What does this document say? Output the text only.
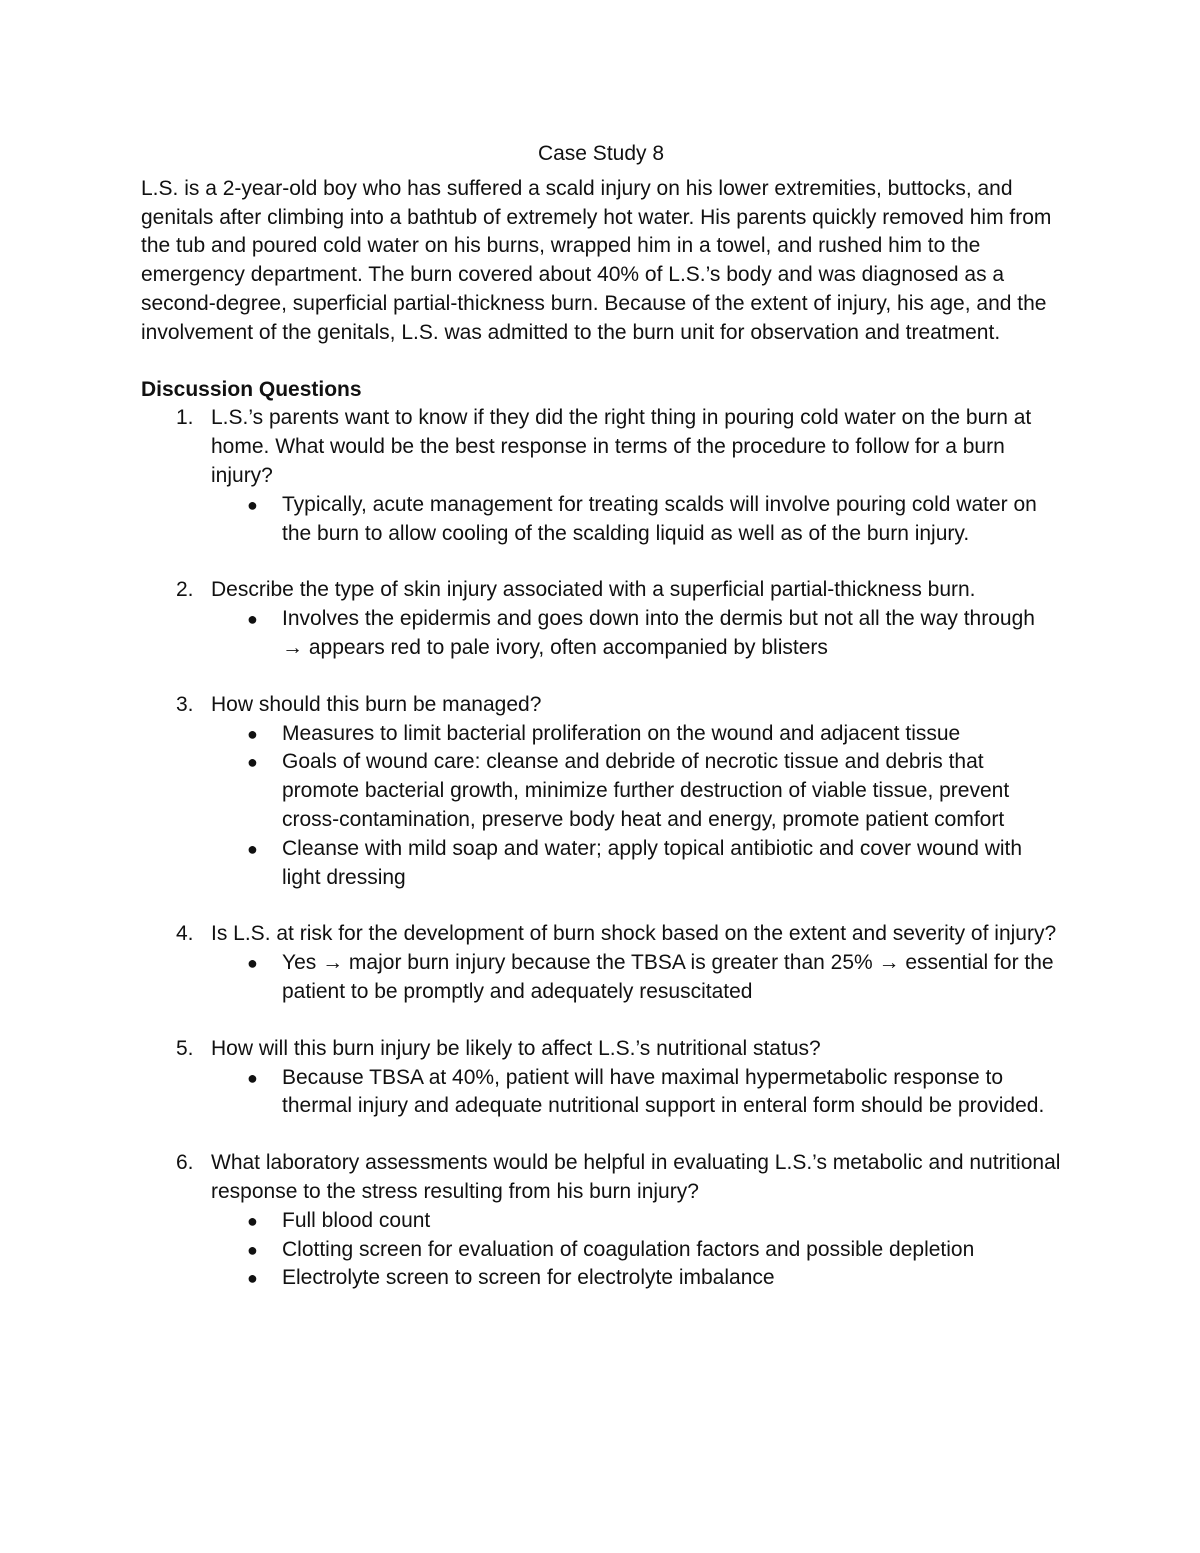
Case Study 8

L.S. is a 2-year-old boy who has suffered a scald injury on his lower extremities, buttocks, and genitals after climbing into a bathtub of extremely hot water. His parents quickly removed him from the tub and poured cold water on his burns, wrapped him in a towel, and rushed him to the emergency department. The burn covered about 40% of L.S.’s body and was diagnosed as a second-degree, superficial partial-thickness burn. Because of the extent of injury, his age, and the involvement of the genitals, L.S. was admitted to the burn unit for observation and treatment.

Discussion Questions
1. L.S.’s parents want to know if they did the right thing in pouring cold water on the burn at home. What would be the best response in terms of the procedure to follow for a burn injury?
● Typically, acute management for treating scalds will involve pouring cold water on the burn to allow cooling of the scalding liquid as well as of the burn injury.
2. Describe the type of skin injury associated with a superficial partial-thickness burn.
● Involves the epidermis and goes down into the dermis but not all the way through → appears red to pale ivory, often accompanied by blisters
3. How should this burn be managed?
● Measures to limit bacterial proliferation on the wound and adjacent tissue
● Goals of wound care: cleanse and debride of necrotic tissue and debris that promote bacterial growth, minimize further destruction of viable tissue, prevent cross-contamination, preserve body heat and energy, promote patient comfort
● Cleanse with mild soap and water; apply topical antibiotic and cover wound with light dressing
4. Is L.S. at risk for the development of burn shock based on the extent and severity of injury?
● Yes → major burn injury because the TBSA is greater than 25% → essential for the patient to be promptly and adequately resuscitated
5. How will this burn injury be likely to affect L.S.’s nutritional status?
● Because TBSA at 40%, patient will have maximal hypermetabolic response to thermal injury and adequate nutritional support in enteral form should be provided.
6. What laboratory assessments would be helpful in evaluating L.S.’s metabolic and nutritional response to the stress resulting from his burn injury?
● Full blood count
● Clotting screen for evaluation of coagulation factors and possible depletion
● Electrolyte screen to screen for electrolyte imbalance
